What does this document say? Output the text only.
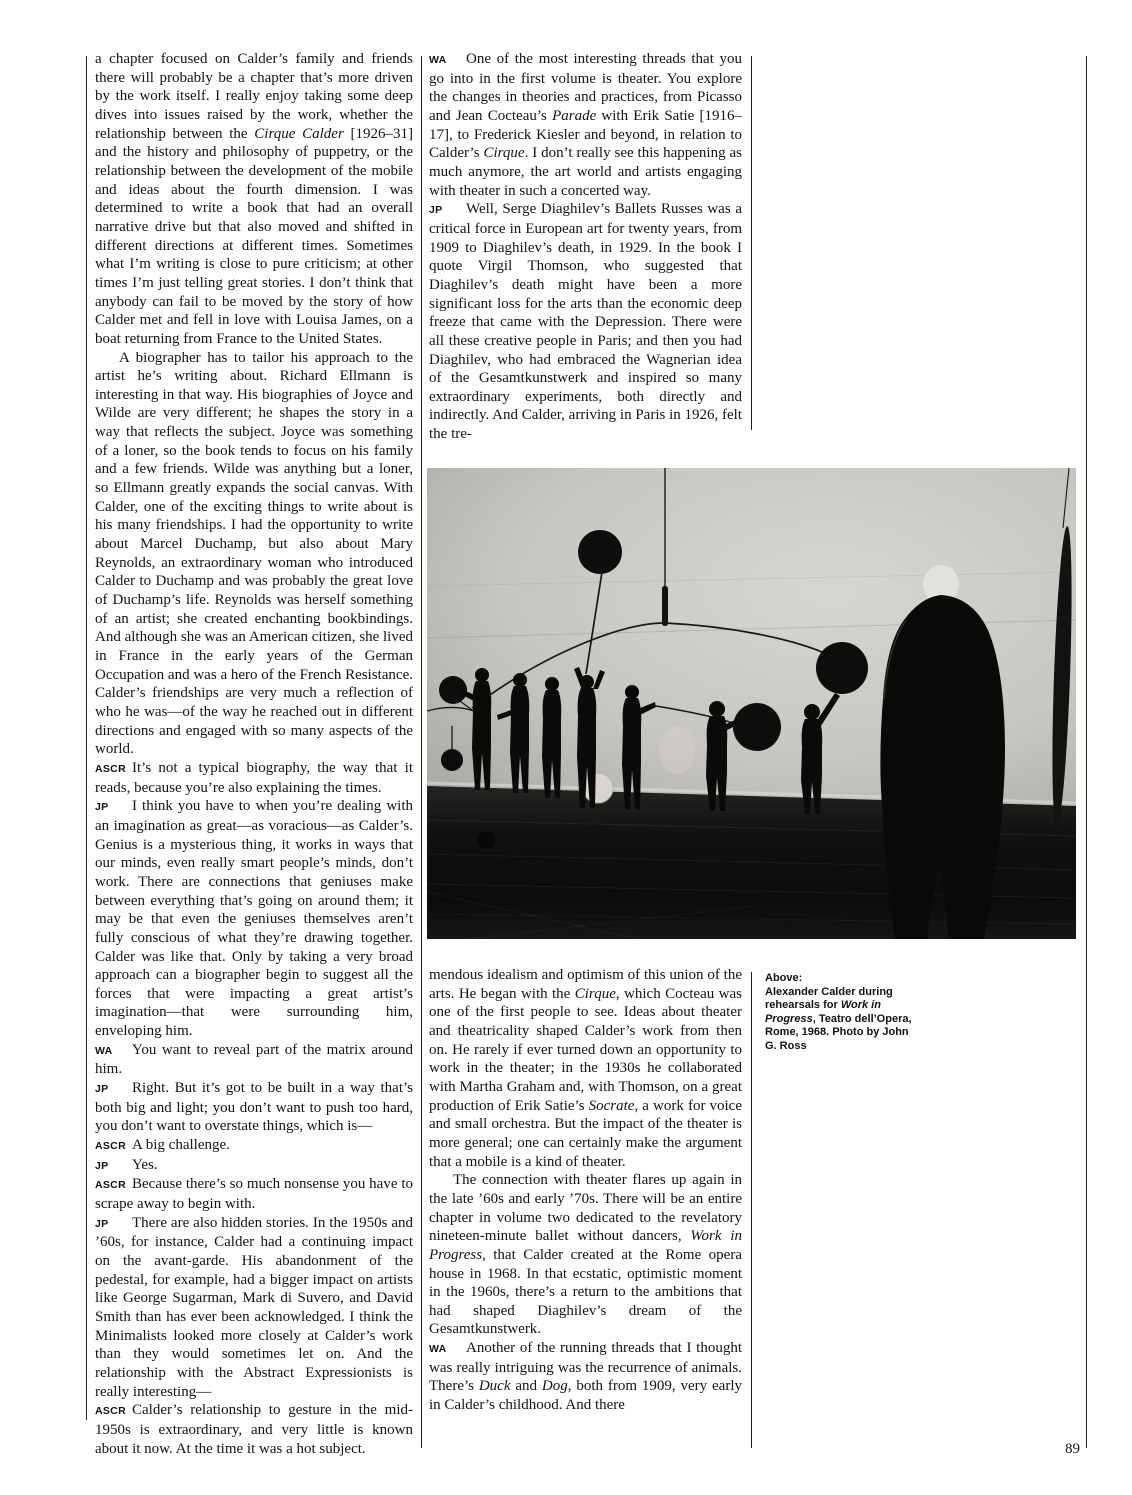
a chapter focused on Calder’s family and friends there will probably be a chapter that’s more driven by the work itself. I really enjoy taking some deep dives into issues raised by the work, whether the relationship between the Cirque Calder [1926–31] and the history and philosophy of puppetry, or the relationship between the development of the mobile and ideas about the fourth dimension. I was determined to write a book that had an overall narrative drive but that also moved and shifted in different directions at different times. Sometimes what I’m writing is close to pure criticism; at other times I’m just telling great stories. I don’t think that anybody can fail to be moved by the story of how Calder met and fell in love with Louisa James, on a boat returning from France to the United States.

A biographer has to tailor his approach to the artist he’s writing about. Richard Ellmann is interesting in that way. His biographies of Joyce and Wilde are very different; he shapes the story in a way that reflects the subject. Joyce was something of a loner, so the book tends to focus on his family and a few friends. Wilde was anything but a loner, so Ellmann greatly expands the social canvas. With Calder, one of the exciting things to write about is his many friendships. I had the opportunity to write about Marcel Duchamp, but also about Mary Reynolds, an extraordinary woman who introduced Calder to Duchamp and was probably the great love of Duchamp’s life. Reynolds was herself something of an artist; she created enchanting bookbindings. And although she was an American citizen, she lived in France in the early years of the German Occupation and was a hero of the French Resistance. Calder’s friendships are very much a reflection of who he was—of the way he reached out in different directions and engaged with so many aspects of the world.

ASCR It’s not a typical biography, the way that it reads, because you’re also explaining the times.

JP I think you have to when you’re dealing with an imagination as great—as voracious—as Calder’s. Genius is a mysterious thing, it works in ways that our minds, even really smart people’s minds, don’t work. There are connections that geniuses make between everything that’s going on around them; it may be that even the geniuses themselves aren’t fully conscious of what they’re drawing together. Calder was like that. Only by taking a very broad approach can a biographer begin to suggest all the forces that were impacting a great artist’s imagination—that were surrounding him, enveloping him.

WA You want to reveal part of the matrix around him.

JP Right. But it’s got to be built in a way that’s both big and light; you don’t want to push too hard, you don’t want to overstate things, which is—

ASCR A big challenge.

JP Yes.

ASCR Because there’s so much nonsense you have to scrape away to begin with.

JP There are also hidden stories. In the 1950s and ’60s, for instance, Calder had a continuing impact on the avant-garde. His abandonment of the pedestal, for example, had a bigger impact on artists like George Sugarman, Mark di Suvero, and David Smith than has ever been acknowledged. I think the Minimalists looked more closely at Calder’s work than they would sometimes let on. And the relationship with the Abstract Expressionists is really interesting—

ASCR Calder’s relationship to gesture in the mid-1950s is extraordinary, and very little is known about it now. At the time it was a hot subject.

WA One of the most interesting threads that you go into in the first volume is theater. You explore the changes in theories and practices, from Picasso and Jean Cocteau’s Parade with Erik Satie [1916–17], to Frederick Kiesler and beyond, in relation to Calder’s Cirque. I don’t really see this happening as much anymore, the art world and artists engaging with theater in such a concerted way.

JP Well, Serge Diaghilev’s Ballets Russes was a critical force in European art for twenty years, from 1909 to Diaghilev’s death, in 1929. In the book I quote Virgil Thomson, who suggested that Diaghilev’s death might have been a more significant loss for the arts than the economic deep freeze that came with the Depression. There were all these creative people in Paris; and then you had Diaghilev, who had embraced the Wagnerian idea of the Gesamtkunstwerk and inspired so many extraordinary experiments, both directly and indirectly. And Calder, arriving in Paris in 1926, felt the tre-

mendous idealism and optimism of this union of the arts. He began with the Cirque, which Cocteau was one of the first people to see. Ideas about theater and theatricality shaped Calder’s work from then on. He rarely if ever turned down an opportunity to work in the theater; in the 1930s he collaborated with Martha Graham and, with Thomson, on a great production of Erik Satie’s Socrate, a work for voice and small orchestra. But the impact of the theater is more general; one can certainly make the argument that a mobile is a kind of theater.

The connection with theater flares up again in the late ’60s and early ’70s. There will be an entire chapter in volume two dedicated to the revelatory nineteen-minute ballet without dancers, Work in Progress, that Calder created at the Rome opera house in 1968. In that ecstatic, optimistic moment in the 1960s, there’s a return to the ambitions that had shaped Diaghilev’s dream of the Gesamtkunstwerk.

WA Another of the running threads that I thought was really intriguing was the recurrence of animals. There’s Duck and Dog, both from 1909, very early in Calder’s childhood. And there

Above:

Alexander Calder during rehearsals for Work in Progress, Teatro dell’Opera, Rome, 1968. Photo by John G. Ross

89
